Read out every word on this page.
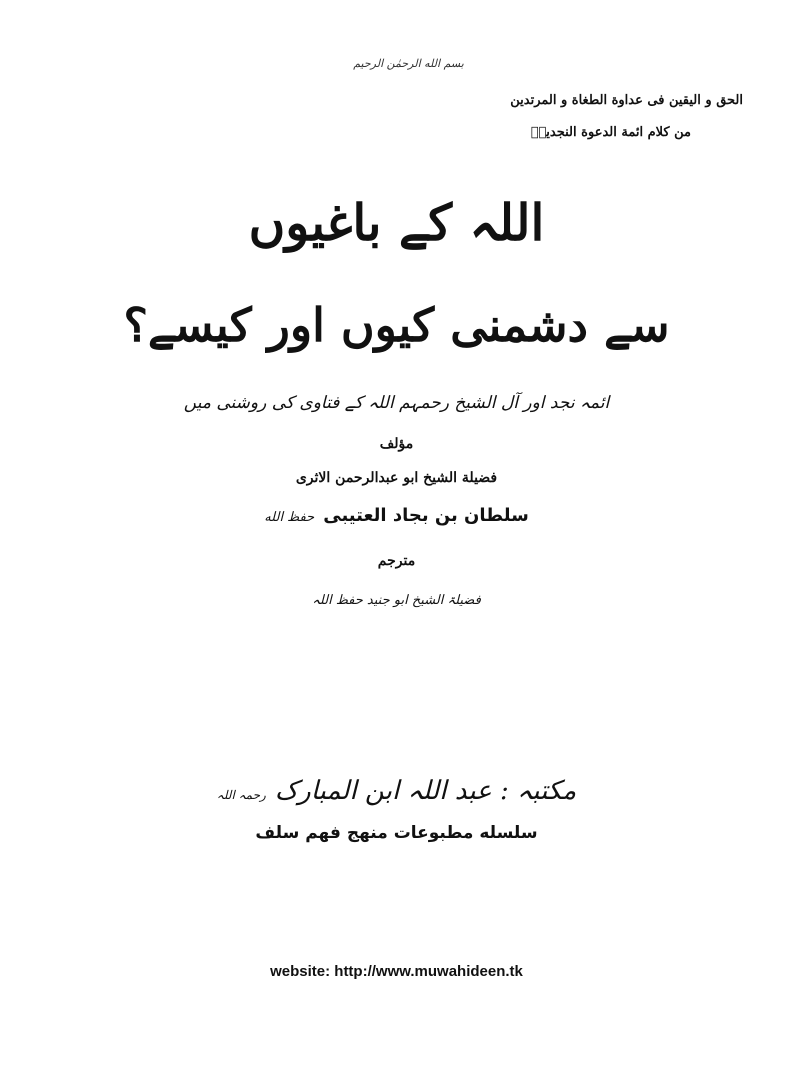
بسم الله الرحمٰن الرحيم
الحق و اليقين فى عداوة الطغاة و المرتدين
من كلام ائمة الدعوة النجديةؒ
اللہ کے باغیوں
سے دشمنی کیوں اور کیسے؟
ائمہ نجد اور آل الشیخ رحمہم اللہ کے فتاوی کی روشنی میں
مؤلف
فضيلة الشيخ ابو عبدالرحمن الاثرى
سلطان بن بجاد العتيبى حفظ الله
مترجم
فضیلۃ الشیخ ابو جنید حفظ اللہ
مکتبہ : عبد اللہ ابن المبارک رحمہ اللہ
سلسله مطبوعات منهج فهم سلف
website: http://www.muwahideen.tk
